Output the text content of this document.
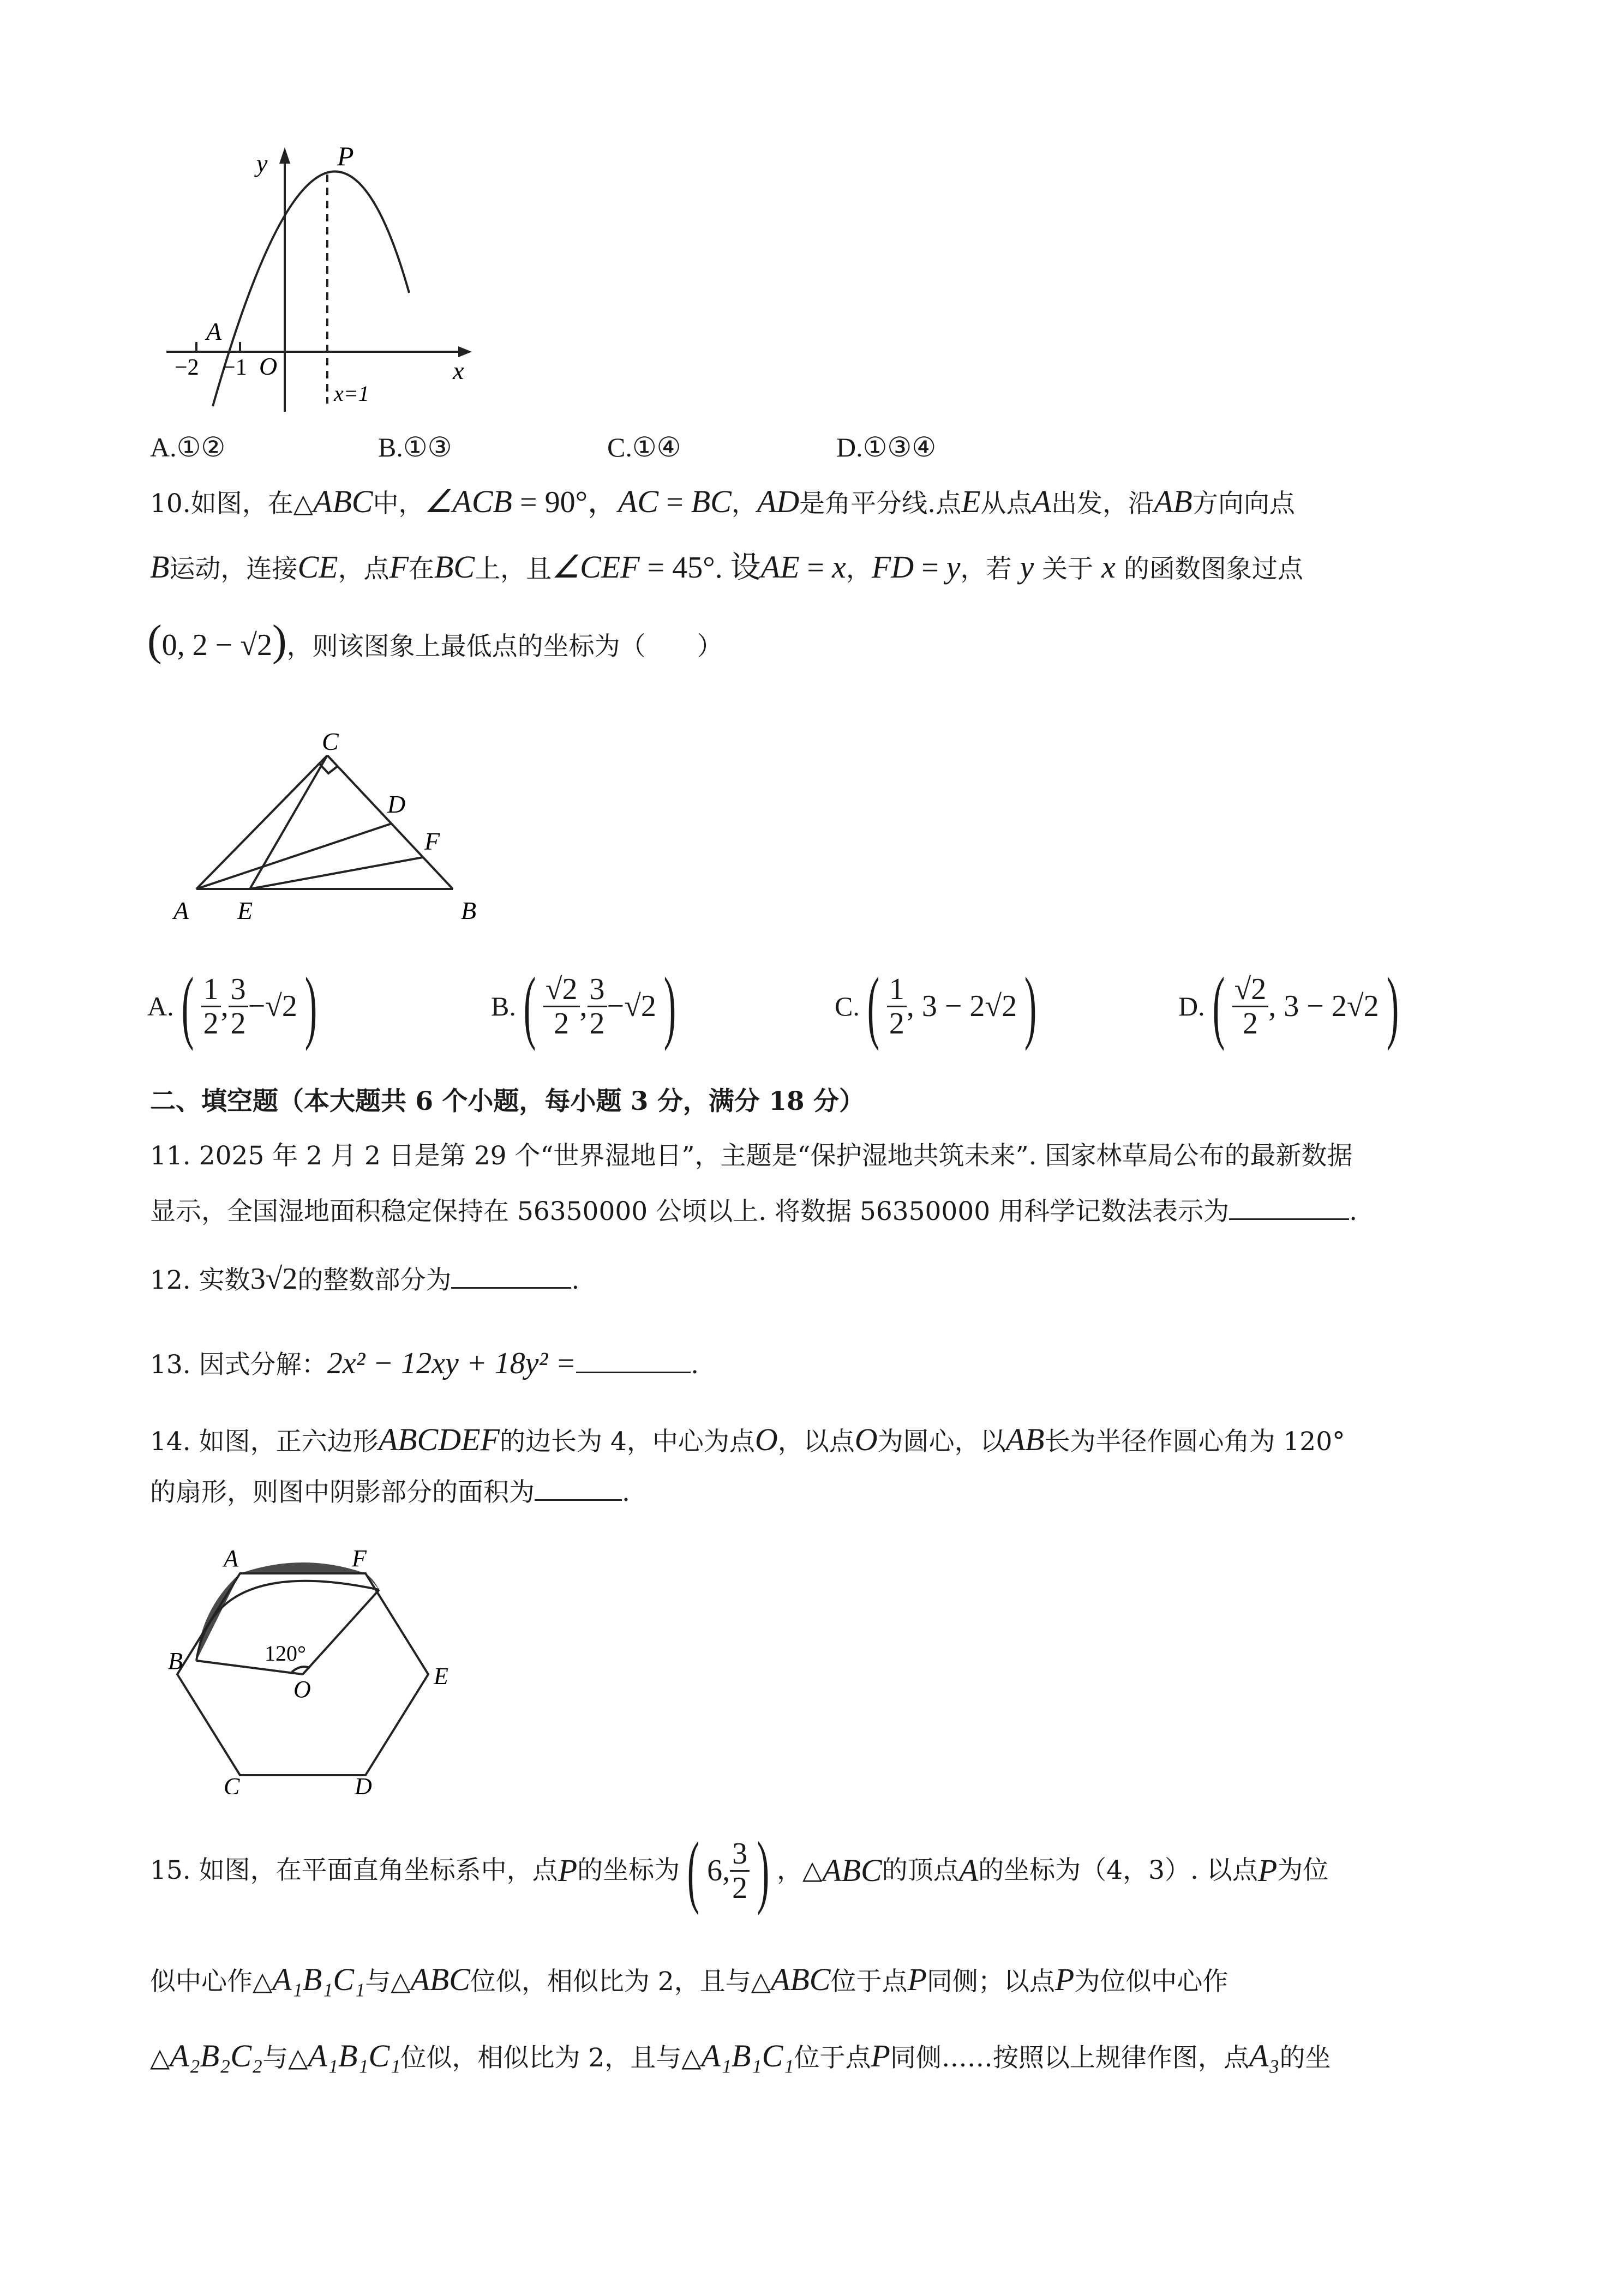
y	P
A
−2 −1 O	x
x=1
A.①②	B.①③	C.①④	D.①③④
10.如图，在△ABC中，∠ACB = 90°，AC = BC，AD是角平分线.点E从点A出发，沿AB方向向点
B运动，连接CE，点F在BC上，且∠CEF = 45°. 设AE = x，FD = y，若 y 关于 x 的函数图象过点
(0, 2 − √2)，则该图象上最低点的坐标为（　　）
C
D
F
A E	B
A. ( $\frac{1}{2}$ , $\frac{3}{2} -√2$ )	B. ( $\frac{√2}{2}$ , $\frac{3}{2} -√2$ )	C. ( $\frac{1}{2}$ , 3 − 2√2 )	D. ( $\frac{√2}{2}$ , 3 − 2√2 )
二、填空题（本大题共 6 个小题，每小题 3 分，满分 18 分）
11. 2025 年 2 月 2 日是第 29 个“世界湿地日”，主题是“保护湿地共筑未来”. 国家林草局公布的最新数据
显示，全国湿地面积稳定保持在 56350000 公顷以上. 将数据 56350000 用科学记数法表示为	.
12. 实数3√2的整数部分为	.
13. 因式分解：2x² − 12xy + 18y² =	.
14. 如图，正六边形ABCDEF的边长为 4，中心为点O，以点O为圆心，以AB长为半径作圆心角为 120°
的扇形，则图中阴影部分的面积为	.
A	F
B
E
C	D
O
120°
15. 如图，在平面直角坐标系中，点 P 的坐标为 ( 6, $\frac{3}{2}$ ) ，△ ABC 的顶点 A 的坐标为（4，3）. 以点 P 为位
似中心作△A₁B₁C₁与△ABC位似，相似比为 2，且与△ABC位于点P同侧；以点P为位似中心作
△A₂B₂C₂与△A₁B₁C₁位似，相似比为 2，且与△A₁B₁C₁位于点P同侧……按照以上规律作图，点A₃的坐
